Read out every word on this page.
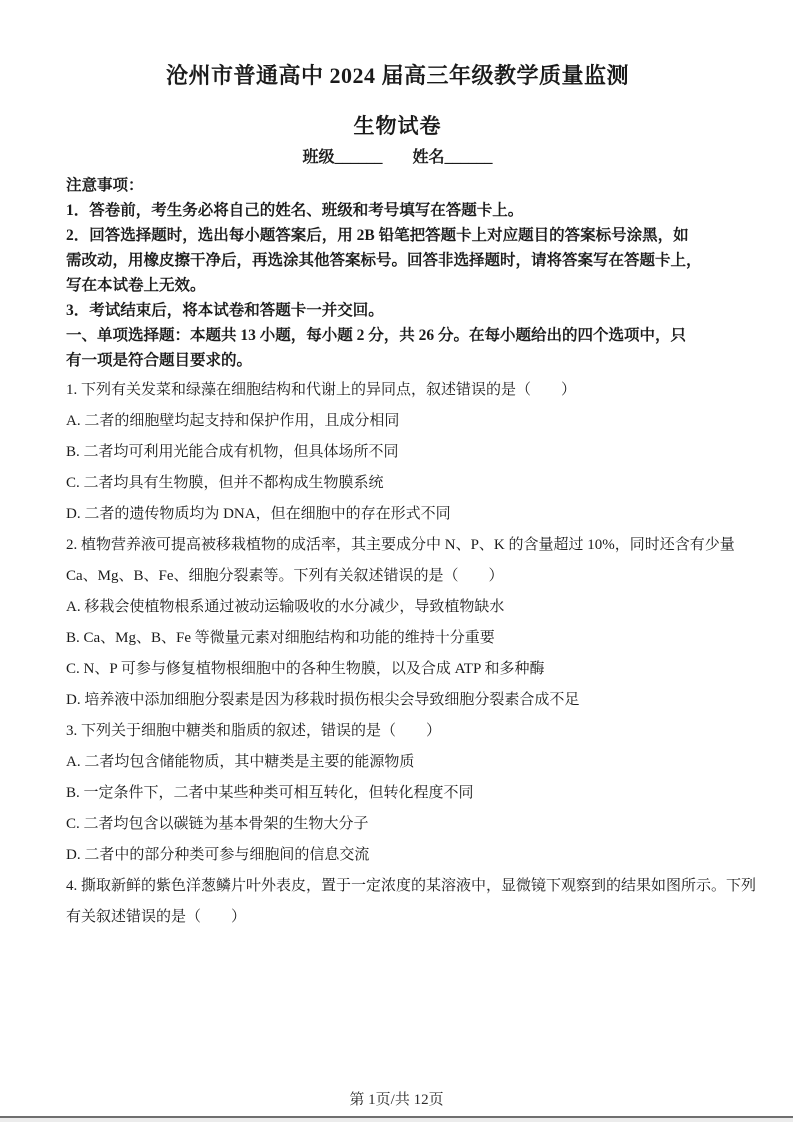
沧州市普通高中 2024 届高三年级教学质量监测
生物试卷
班级______ 姓名______
注意事项：
1．答卷前，考生务必将自己的姓名、班级和考号填写在答题卡上。
2．回答选择题时，选出每小题答案后，用 2B 铅笔把答题卡上对应题目的答案标号涂黑，如
需改动，用橡皮擦干净后，再选涂其他答案标号。回答非选择题时，请将答案写在答题卡上，
写在本试卷上无效。
3．考试结束后，将本试卷和答题卡一并交回。
一、单项选择题：本题共 13 小题，每小题 2 分，共 26 分。在每小题给出的四个选项中，只
有一项是符合题目要求的。
1. 下列有关发菜和绿藻在细胞结构和代谢上的异同点，叙述错误的是（　　）
A. 二者的细胞壁均起支持和保护作用，且成分相同
B. 二者均可利用光能合成有机物，但具体场所不同
C. 二者均具有生物膜，但并不都构成生物膜系统
D. 二者的遗传物质均为 DNA，但在细胞中的存在形式不同
2. 植物营养液可提高被移栽植物的成活率，其主要成分中 N、P、K 的含量超过 10%，同时还含有少量
Ca、Mg、B、Fe、细胞分裂素等。下列有关叙述错误的是（　　）
A. 移栽会使植物根系通过被动运输吸收的水分减少，导致植物缺水
B. Ca、Mg、B、Fe 等微量元素对细胞结构和功能的维持十分重要
C. N、P 可参与修复植物根细胞中的各种生物膜，以及合成 ATP 和多种酶
D. 培养液中添加细胞分裂素是因为移栽时损伤根尖会导致细胞分裂素合成不足
3. 下列关于细胞中糖类和脂质的叙述，错误的是（　　）
A. 二者均包含储能物质，其中糖类是主要的能源物质
B. 一定条件下，二者中某些种类可相互转化，但转化程度不同
C. 二者均包含以碳链为基本骨架的生物大分子
D. 二者中的部分种类可参与细胞间的信息交流
4. 撕取新鲜的紫色洋葱鳞片叶外表皮，置于一定浓度的某溶液中，显微镜下观察到的结果如图所示。下列
有关叙述错误的是（　　）
第 1页/共 12页
